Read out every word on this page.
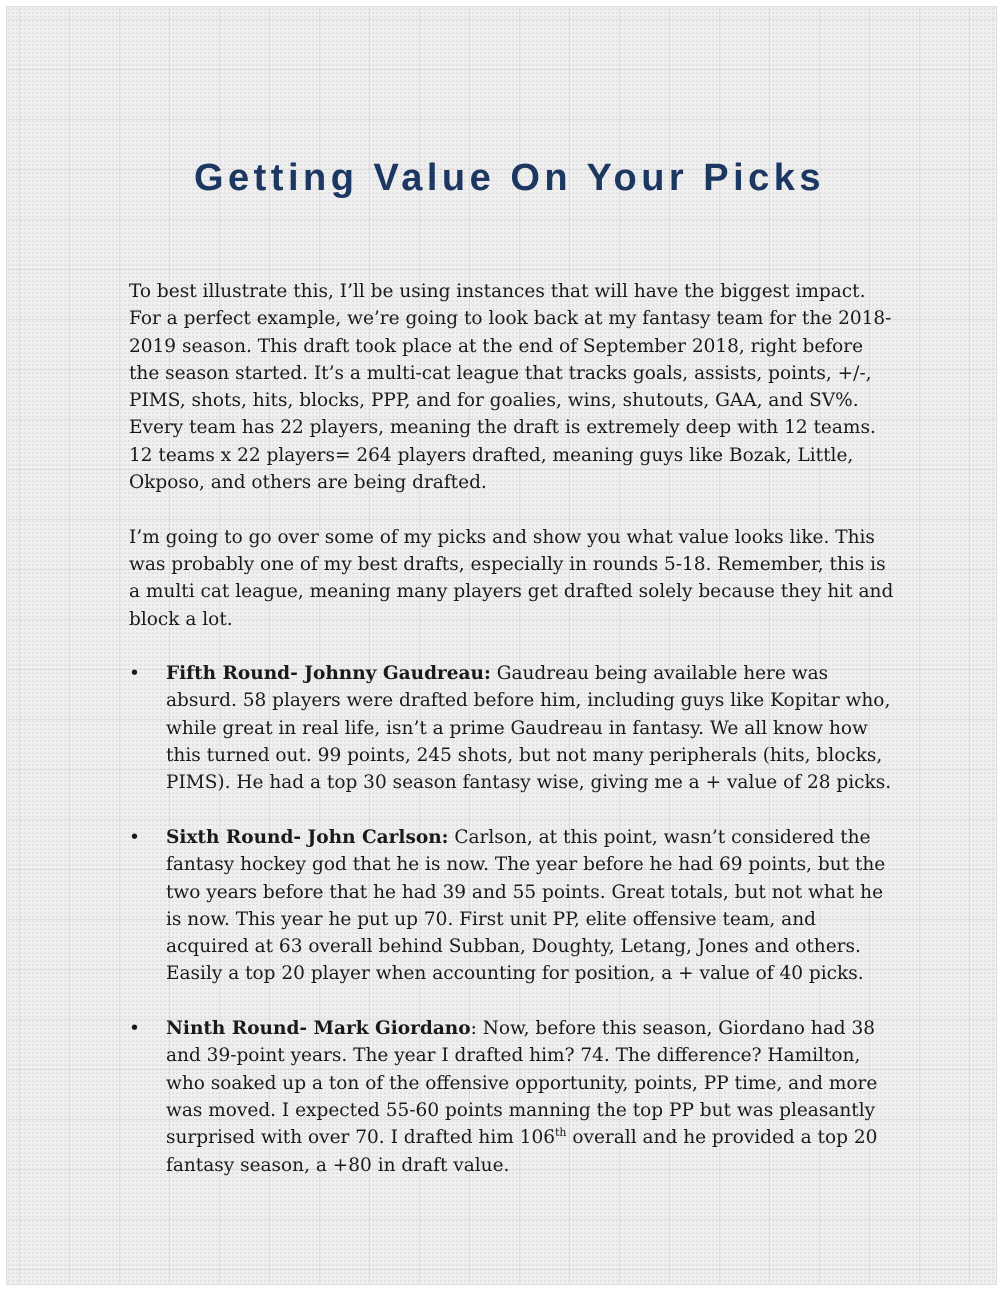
Getting Value On Your Picks

To best illustrate this, I’ll be using instances that will have the biggest impact. For a perfect example, we’re going to look back at my fantasy team for the 2018-2019 season. This draft took place at the end of September 2018, right before the season started. It’s a multi-cat league that tracks goals, assists, points, +/-, PIMS, shots, hits, blocks, PPP, and for goalies, wins, shutouts, GAA, and SV%. Every team has 22 players, meaning the draft is extremely deep with 12 teams. 12 teams x 22 players= 264 players drafted, meaning guys like Bozak, Little, Okposo, and others are being drafted.

I’m going to go over some of my picks and show you what value looks like. This was probably one of my best drafts, especially in rounds 5-18. Remember, this is a multi cat league, meaning many players get drafted solely because they hit and block a lot.

• Fifth Round- Johnny Gaudreau: Gaudreau being available here was absurd. 58 players were drafted before him, including guys like Kopitar who, while great in real life, isn’t a prime Gaudreau in fantasy. We all know how this turned out. 99 points, 245 shots, but not many peripherals (hits, blocks, PIMS). He had a top 30 season fantasy wise, giving me a + value of 28 picks.
• Sixth Round- John Carlson: Carlson, at this point, wasn’t considered the fantasy hockey god that he is now. The year before he had 69 points, but the two years before that he had 39 and 55 points. Great totals, but not what he is now. This year he put up 70. First unit PP, elite offensive team, and acquired at 63 overall behind Subban, Doughty, Letang, Jones and others. Easily a top 20 player when accounting for position, a + value of 40 picks.
• Ninth Round- Mark Giordano: Now, before this season, Giordano had 38 and 39-point years. The year I drafted him? 74. The difference? Hamilton, who soaked up a ton of the offensive opportunity, points, PP time, and more was moved. I expected 55-60 points manning the top PP but was pleasantly surprised with over 70. I drafted him 106th overall and he provided a top 20 fantasy season, a +80 in draft value.
